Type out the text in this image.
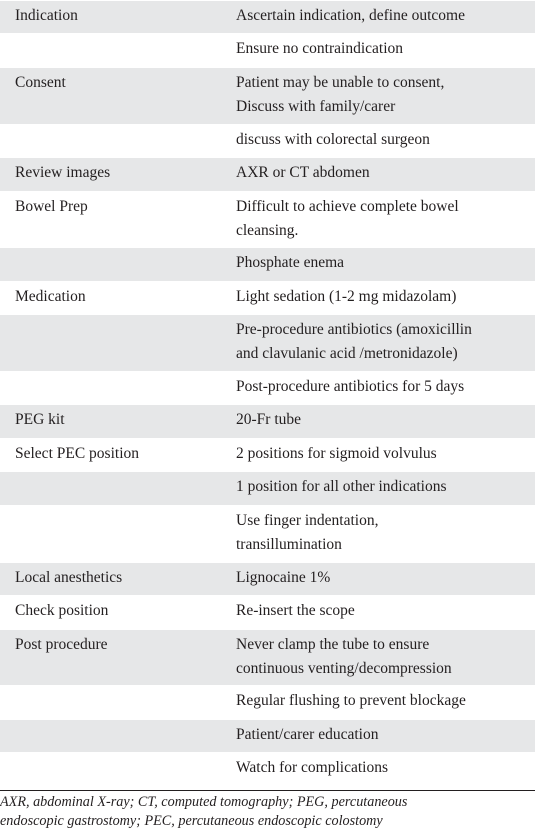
Indication	Ascertain indication, define outcome
Ensure no contraindication
Consent	Patient may be unable to consent,
Discuss with family/carer
discuss with colorectal surgeon
Review images	AXR or CT abdomen
Bowel Prep	Difficult to achieve complete bowel
cleansing.
Phosphate enema
Medication	Light sedation (1-2 mg midazolam)
Pre-procedure antibiotics (amoxicillin
and clavulanic acid /metronidazole)
Post-procedure antibiotics for 5 days
PEG kit	20-Fr tube
Select PEC position	2 positions for sigmoid volvulus
1 position for all other indications
Use finger indentation,
transillumination
Local anesthetics	Lignocaine 1%
Check position	Re-insert the scope
Post procedure	Never clamp the tube to ensure
continuous venting/decompression
Regular flushing to prevent blockage
Patient/carer education
Watch for complications
AXR, abdominal X-ray; CT, computed tomography; PEG, percutaneous
endoscopic gastrostomy; PEC, percutaneous endoscopic colostomy
